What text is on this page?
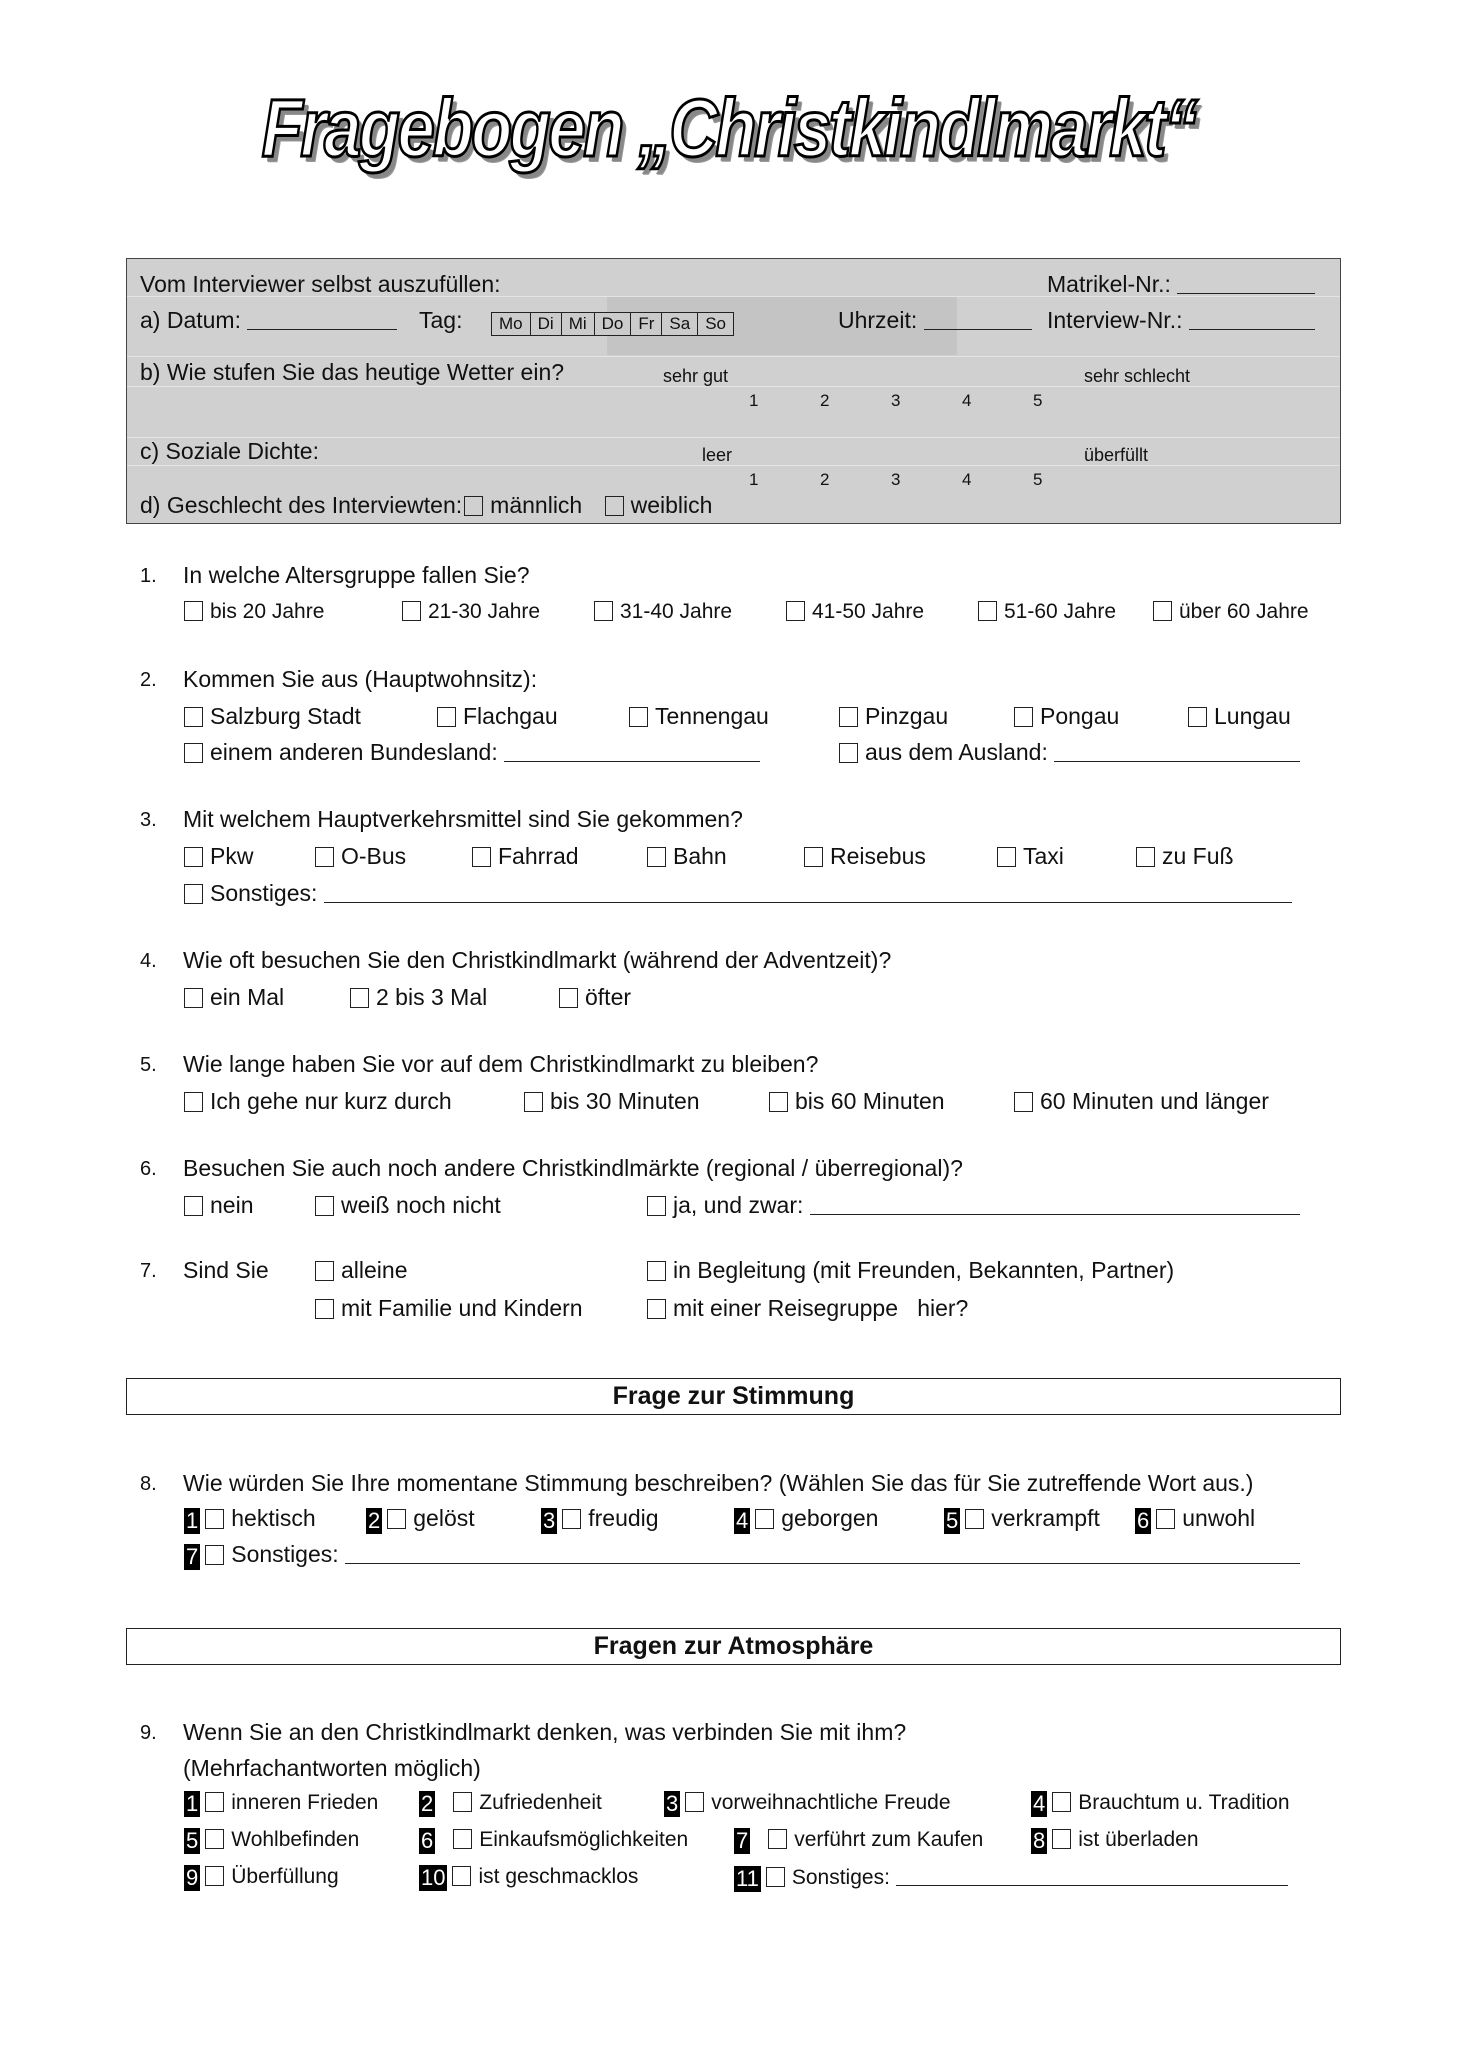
Fragebogen „Christkindlmarkt“
Vom Interviewer selbst auszufüllen:	Matrikel-Nr.:
a) Datum:	Tag:	Mo Di Mi Do Fr Sa So	Uhrzeit:	Interview-Nr.:
b) Wie stufen Sie das heutige Wetter ein?	sehr gut	sehr schlecht
1	2	3	4	5
c) Soziale Dichte:	leer	überfüllt
1	2	3	4	5
d) Geschlecht des Interviewten: männlich weiblich
1. In welche Altersgruppe fallen Sie?
bis 20 Jahre	21-30 Jahre	31-40 Jahre	41-50 Jahre	51-60 Jahre	über 60 Jahre
2. Kommen Sie aus (Hauptwohnsitz):
Salzburg Stadt	Flachgau	Tennengau	Pinzgau	Pongau	Lungau
einem anderen Bundesland:	aus dem Ausland:
3. Mit welchem Hauptverkehrsmittel sind Sie gekommen?
Pkw	O-Bus	Fahrrad	Bahn	Reisebus	Taxi	zu Fuß
Sonstiges:
4. Wie oft besuchen Sie den Christkindlmarkt (während der Adventzeit)?
ein Mal	2 bis 3 Mal	öfter
5. Wie lange haben Sie vor auf dem Christkindlmarkt zu bleiben?
Ich gehe nur kurz durch	bis 30 Minuten	bis 60 Minuten	60 Minuten und länger
6. Besuchen Sie auch noch andere Christkindlmärkte (regional / überregional)?
nein	weiß noch nicht	ja, und zwar:
7. Sind Sie	alleine	in Begleitung (mit Freunden, Bekannten, Partner)
mit Familie und Kindern	mit einer Reisegruppe hier?
Frage zur Stimmung
8. Wie würden Sie Ihre momentane Stimmung beschreiben? (Wählen Sie das für Sie zutreffende Wort aus.)
1 hektisch 2 gelöst	3 freudig	4 geborgen	5 verkrampft 6 unwohl
7 Sonstiges:
Fragen zur Atmosphäre
9. Wenn Sie an den Christkindlmarkt denken, was verbinden Sie mit ihm?
(Mehrfachantworten möglich)
1 inneren Frieden 2 Zufriedenheit	3 vorweihnachtliche Freude	4 Brauchtum u. Tradition
5 Wohlbefinden	6 Einkaufsmöglichkeiten 7 verführt zum Kaufen 8 ist überladen
9 Überfüllung	10 ist geschmacklos	11 Sonstiges:
